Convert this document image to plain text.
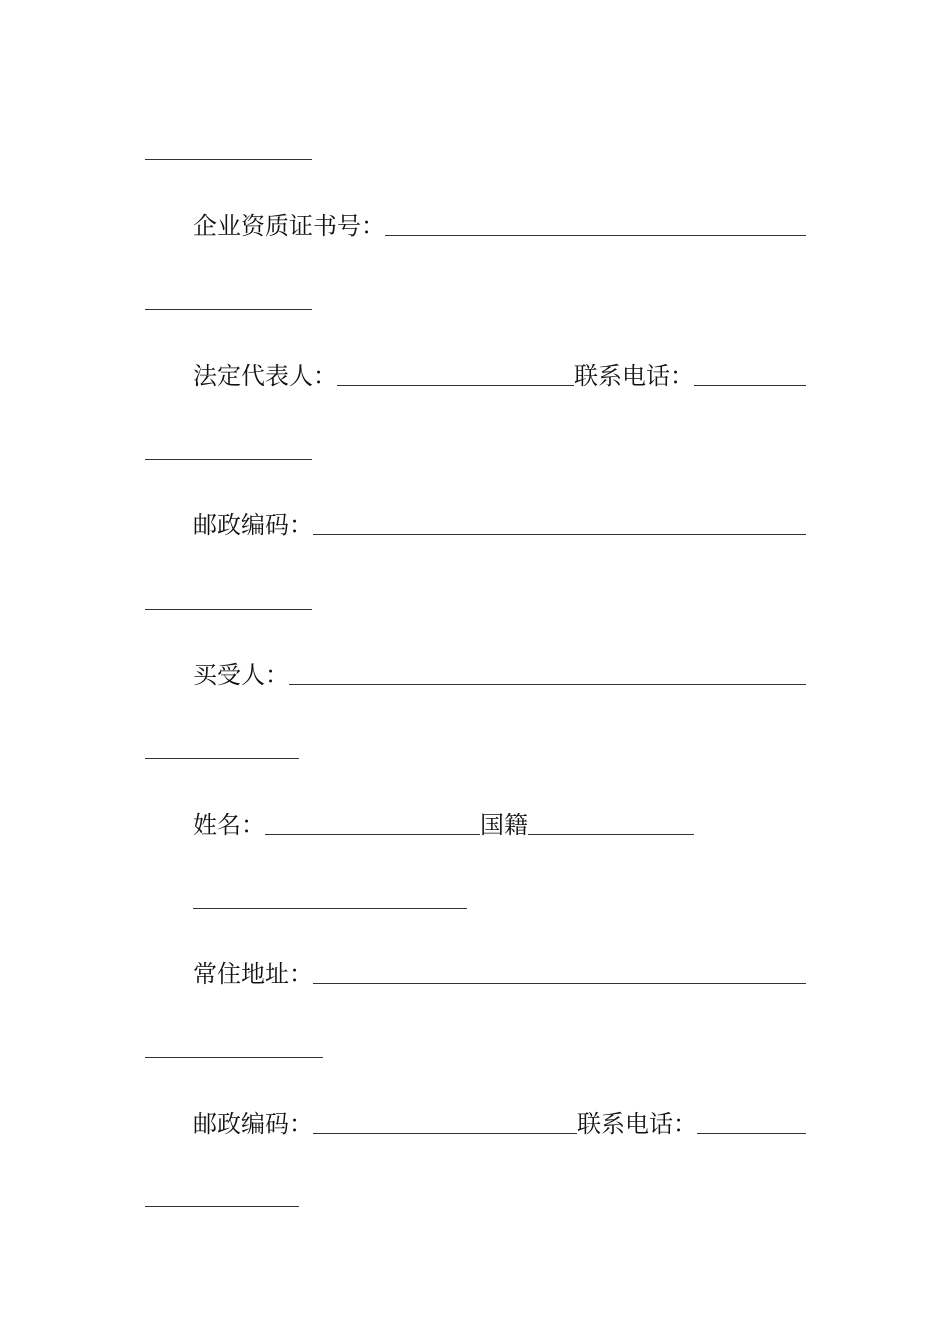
企业资质证书号：
法定代表人：	联系电话：
邮政编码：
买受人：
姓名：	国籍
常住地址：
邮政编码：	联系电话：
